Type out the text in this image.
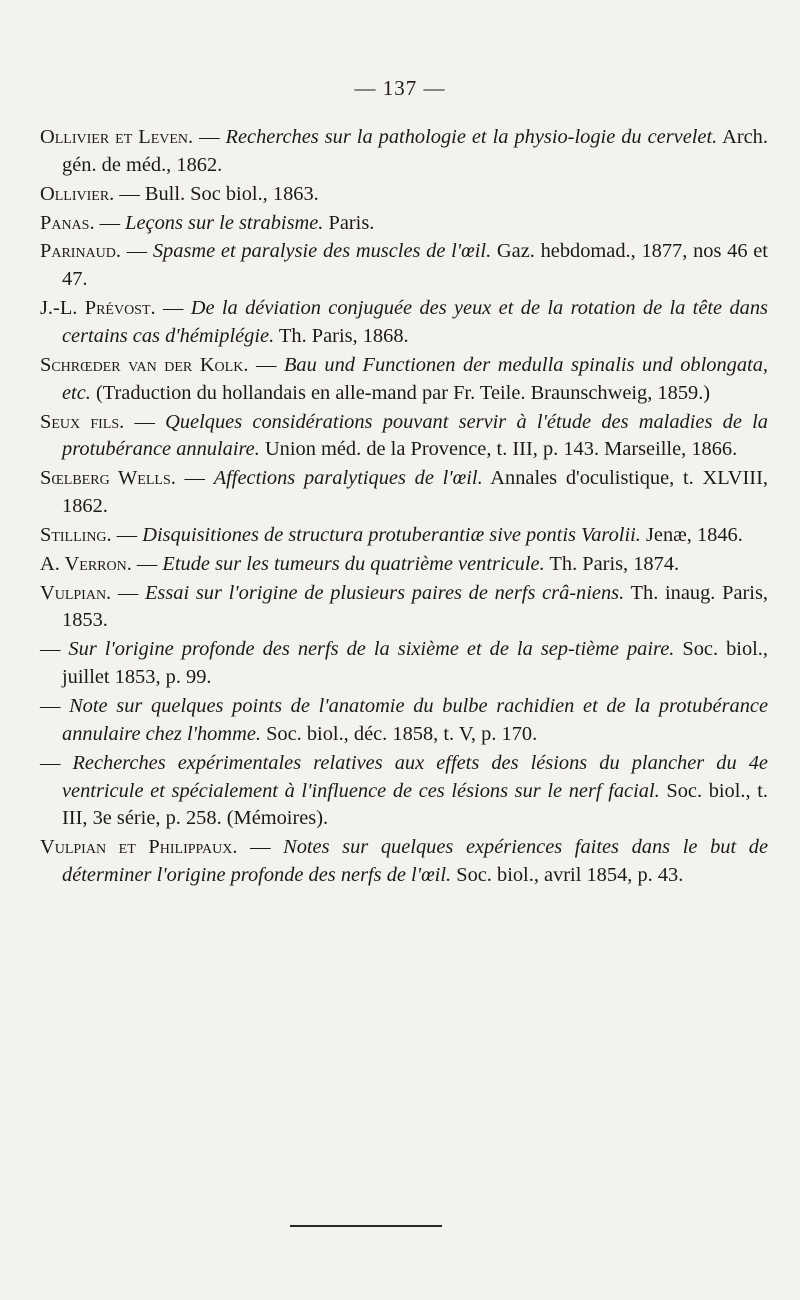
— 137 —

Ollivier et Leven. — Recherches sur la pathologie et la physio-logie du cervelet. Arch. gén. de méd., 1862.

Ollivier. — Bull. Soc biol., 1863.

Panas. — Leçons sur le strabisme. Paris.

Parinaud. — Spasme et paralysie des muscles de l'œil. Gaz. hebdomad., 1877, nos 46 et 47.

J.-L. Prévost. — De la déviation conjuguée des yeux et de la rotation de la tête dans certains cas d'hémiplégie. Th. Paris, 1868.

Schrœder van der Kolk. — Bau und Functionen der medulla spinalis und oblongata, etc. (Traduction du hollandais en alle-mand par Fr. Teile. Braunschweig, 1859.)

Seux fils. — Quelques considérations pouvant servir à l'étude des maladies de la protubérance annulaire. Union méd. de la Provence, t. III, p. 143. Marseille, 1866.

Sœlberg Wells. — Affections paralytiques de l'œil. Annales d'oculistique, t. XLVIII, 1862.

Stilling. — Disquisitiones de structura protuberantiæ sive pontis Varolii. Jenæ, 1846.

A. Verron. — Etude sur les tumeurs du quatrième ventricule. Th. Paris, 1874.

Vulpian. — Essai sur l'origine de plusieurs paires de nerfs crâ-niens. Th. inaug. Paris, 1853.

— Sur l'origine profonde des nerfs de la sixième et de la sep-tième paire. Soc. biol., juillet 1853, p. 99.

— Note sur quelques points de l'anatomie du bulbe rachidien et de la protubérance annulaire chez l'homme. Soc. biol., déc. 1858, t. V, p. 170.

— Recherches expérimentales relatives aux effets des lésions du plancher du 4e ventricule et spécialement à l'influence de ces lésions sur le nerf facial. Soc. biol., t. III, 3e série, p. 258. (Mémoires).

Vulpian et Philippaux. — Notes sur quelques expériences faites dans le but de déterminer l'origine profonde des nerfs de l'œil. Soc. biol., avril 1854, p. 43.
